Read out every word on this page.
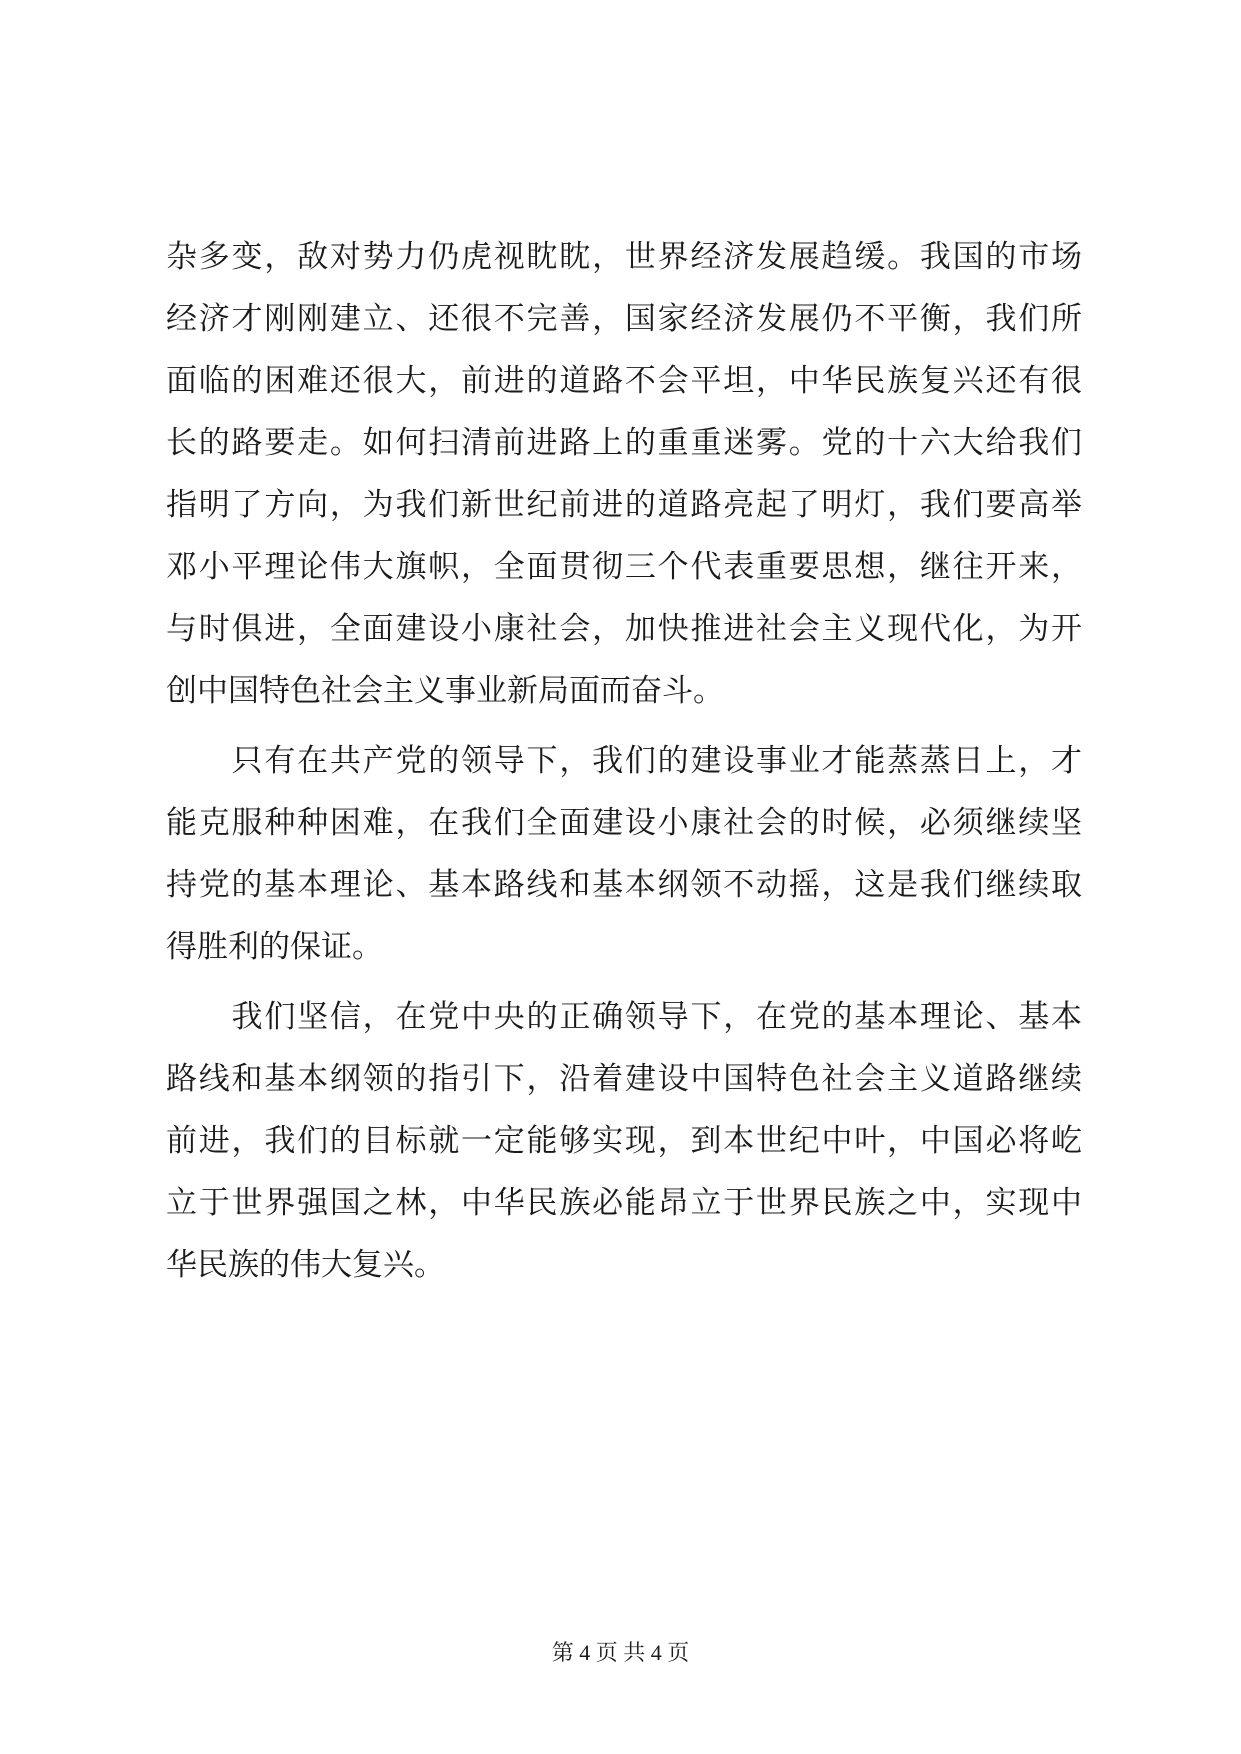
杂多变，敌对势力仍虎视眈眈，世界经济发展趋缓。我国的市场
经济才刚刚建立、还很不完善，国家经济发展仍不平衡，我们所
面临的困难还很大，前进的道路不会平坦，中华民族复兴还有很
长的路要走。如何扫清前进路上的重重迷雾。党的十六大给我们
指明了方向，为我们新世纪前进的道路亮起了明灯，我们要高举
邓小平理论伟大旗帜，全面贯彻三个代表重要思想，继往开来，
与时俱进，全面建设小康社会，加快推进社会主义现代化，为开
创中国特色社会主义事业新局面而奋斗。
　　只有在共产党的领导下，我们的建设事业才能蒸蒸日上，才
能克服种种困难，在我们全面建设小康社会的时候，必须继续坚
持党的基本理论、基本路线和基本纲领不动摇，这是我们继续取
得胜利的保证。
　　我们坚信，在党中央的正确领导下，在党的基本理论、基本
路线和基本纲领的指引下，沿着建设中国特色社会主义道路继续
前进，我们的目标就一定能够实现，到本世纪中叶，中国必将屹
立于世界强国之林，中华民族必能昂立于世界民族之中，实现中
华民族的伟大复兴。
第 4 页 共 4 页
